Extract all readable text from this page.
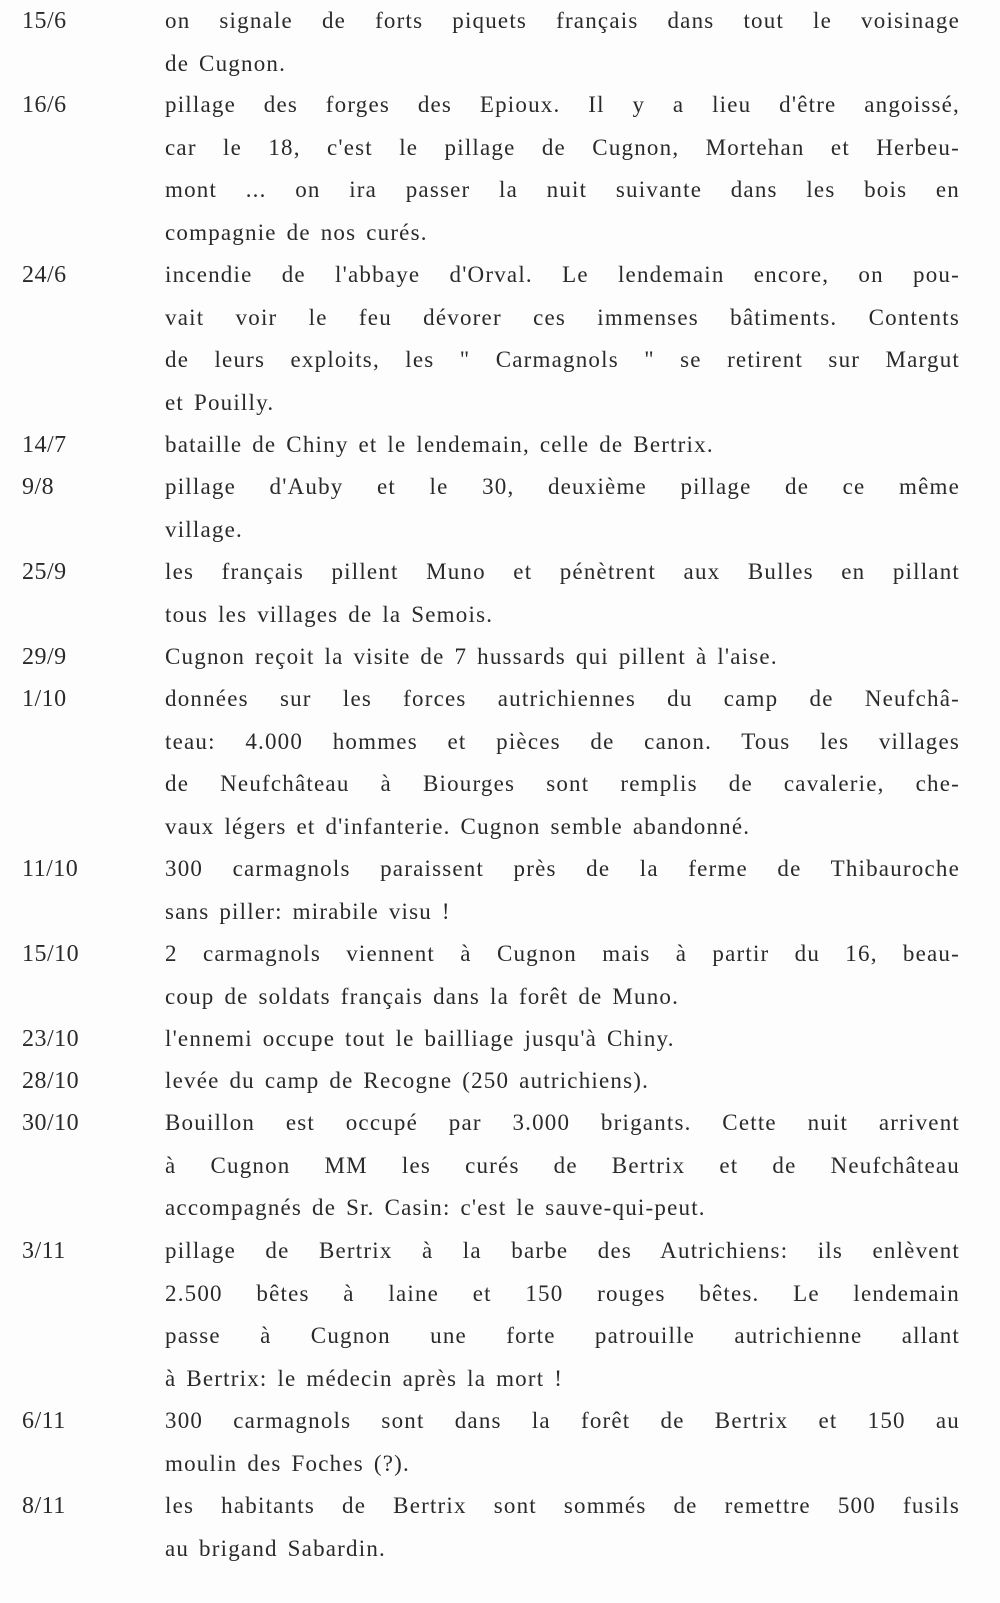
15/6	on signale de forts piquets français dans tout le voisinage
de Cugnon.
16/6	pillage des forges des Epioux. Il y a lieu d'être angoissé,
car le 18, c'est le pillage de Cugnon, Mortehan et Herbeu-
mont ... on ira passer la nuit suivante dans les bois en
compagnie de nos curés.
24/6	incendie de l'abbaye d'Orval. Le lendemain encore, on pou-
vait voir le feu dévorer ces immenses bâtiments. Contents
de leurs exploits, les " Carmagnols " se retirent sur Margut
et Pouilly.
14/7	bataille de Chiny et le lendemain, celle de Bertrix.
9/8	pillage d'Auby et le 30, deuxième pillage de ce même
village.
25/9	les français pillent Muno et pénètrent aux Bulles en pillant
tous les villages de la Semois.
29/9	Cugnon reçoit la visite de 7 hussards qui pillent à l'aise.
1/10	données sur les forces autrichiennes du camp de Neufchâ-
teau: 4.000 hommes et pièces de canon. Tous les villages
de Neufchâteau à Biourges sont remplis de cavalerie, che-
vaux légers et d'infanterie. Cugnon semble abandonné.
11/10	300 carmagnols paraissent près de la ferme de Thibauroche
sans piller: mirabile visu !
15/10	2 carmagnols viennent à Cugnon mais à partir du 16, beau-
coup de soldats français dans la forêt de Muno.
23/10	l'ennemi occupe tout le bailliage jusqu'à Chiny.
28/10	levée du camp de Recogne (250 autrichiens).
30/10	Bouillon est occupé par 3.000 brigants. Cette nuit arrivent
à Cugnon MM les curés de Bertrix et de Neufchâteau
accompagnés de Sr. Casin: c'est le sauve-qui-peut.
3/11	pillage de Bertrix à la barbe des Autrichiens: ils enlèvent
2.500 bêtes à laine et 150 rouges bêtes. Le lendemain
passe à Cugnon une forte patrouille autrichienne allant
à Bertrix: le médecin après la mort !
6/11	300 carmagnols sont dans la forêt de Bertrix et 150 au
moulin des Foches (?).
8/11	les habitants de Bertrix sont sommés de remettre 500 fusils
au brigand Sabardin.
